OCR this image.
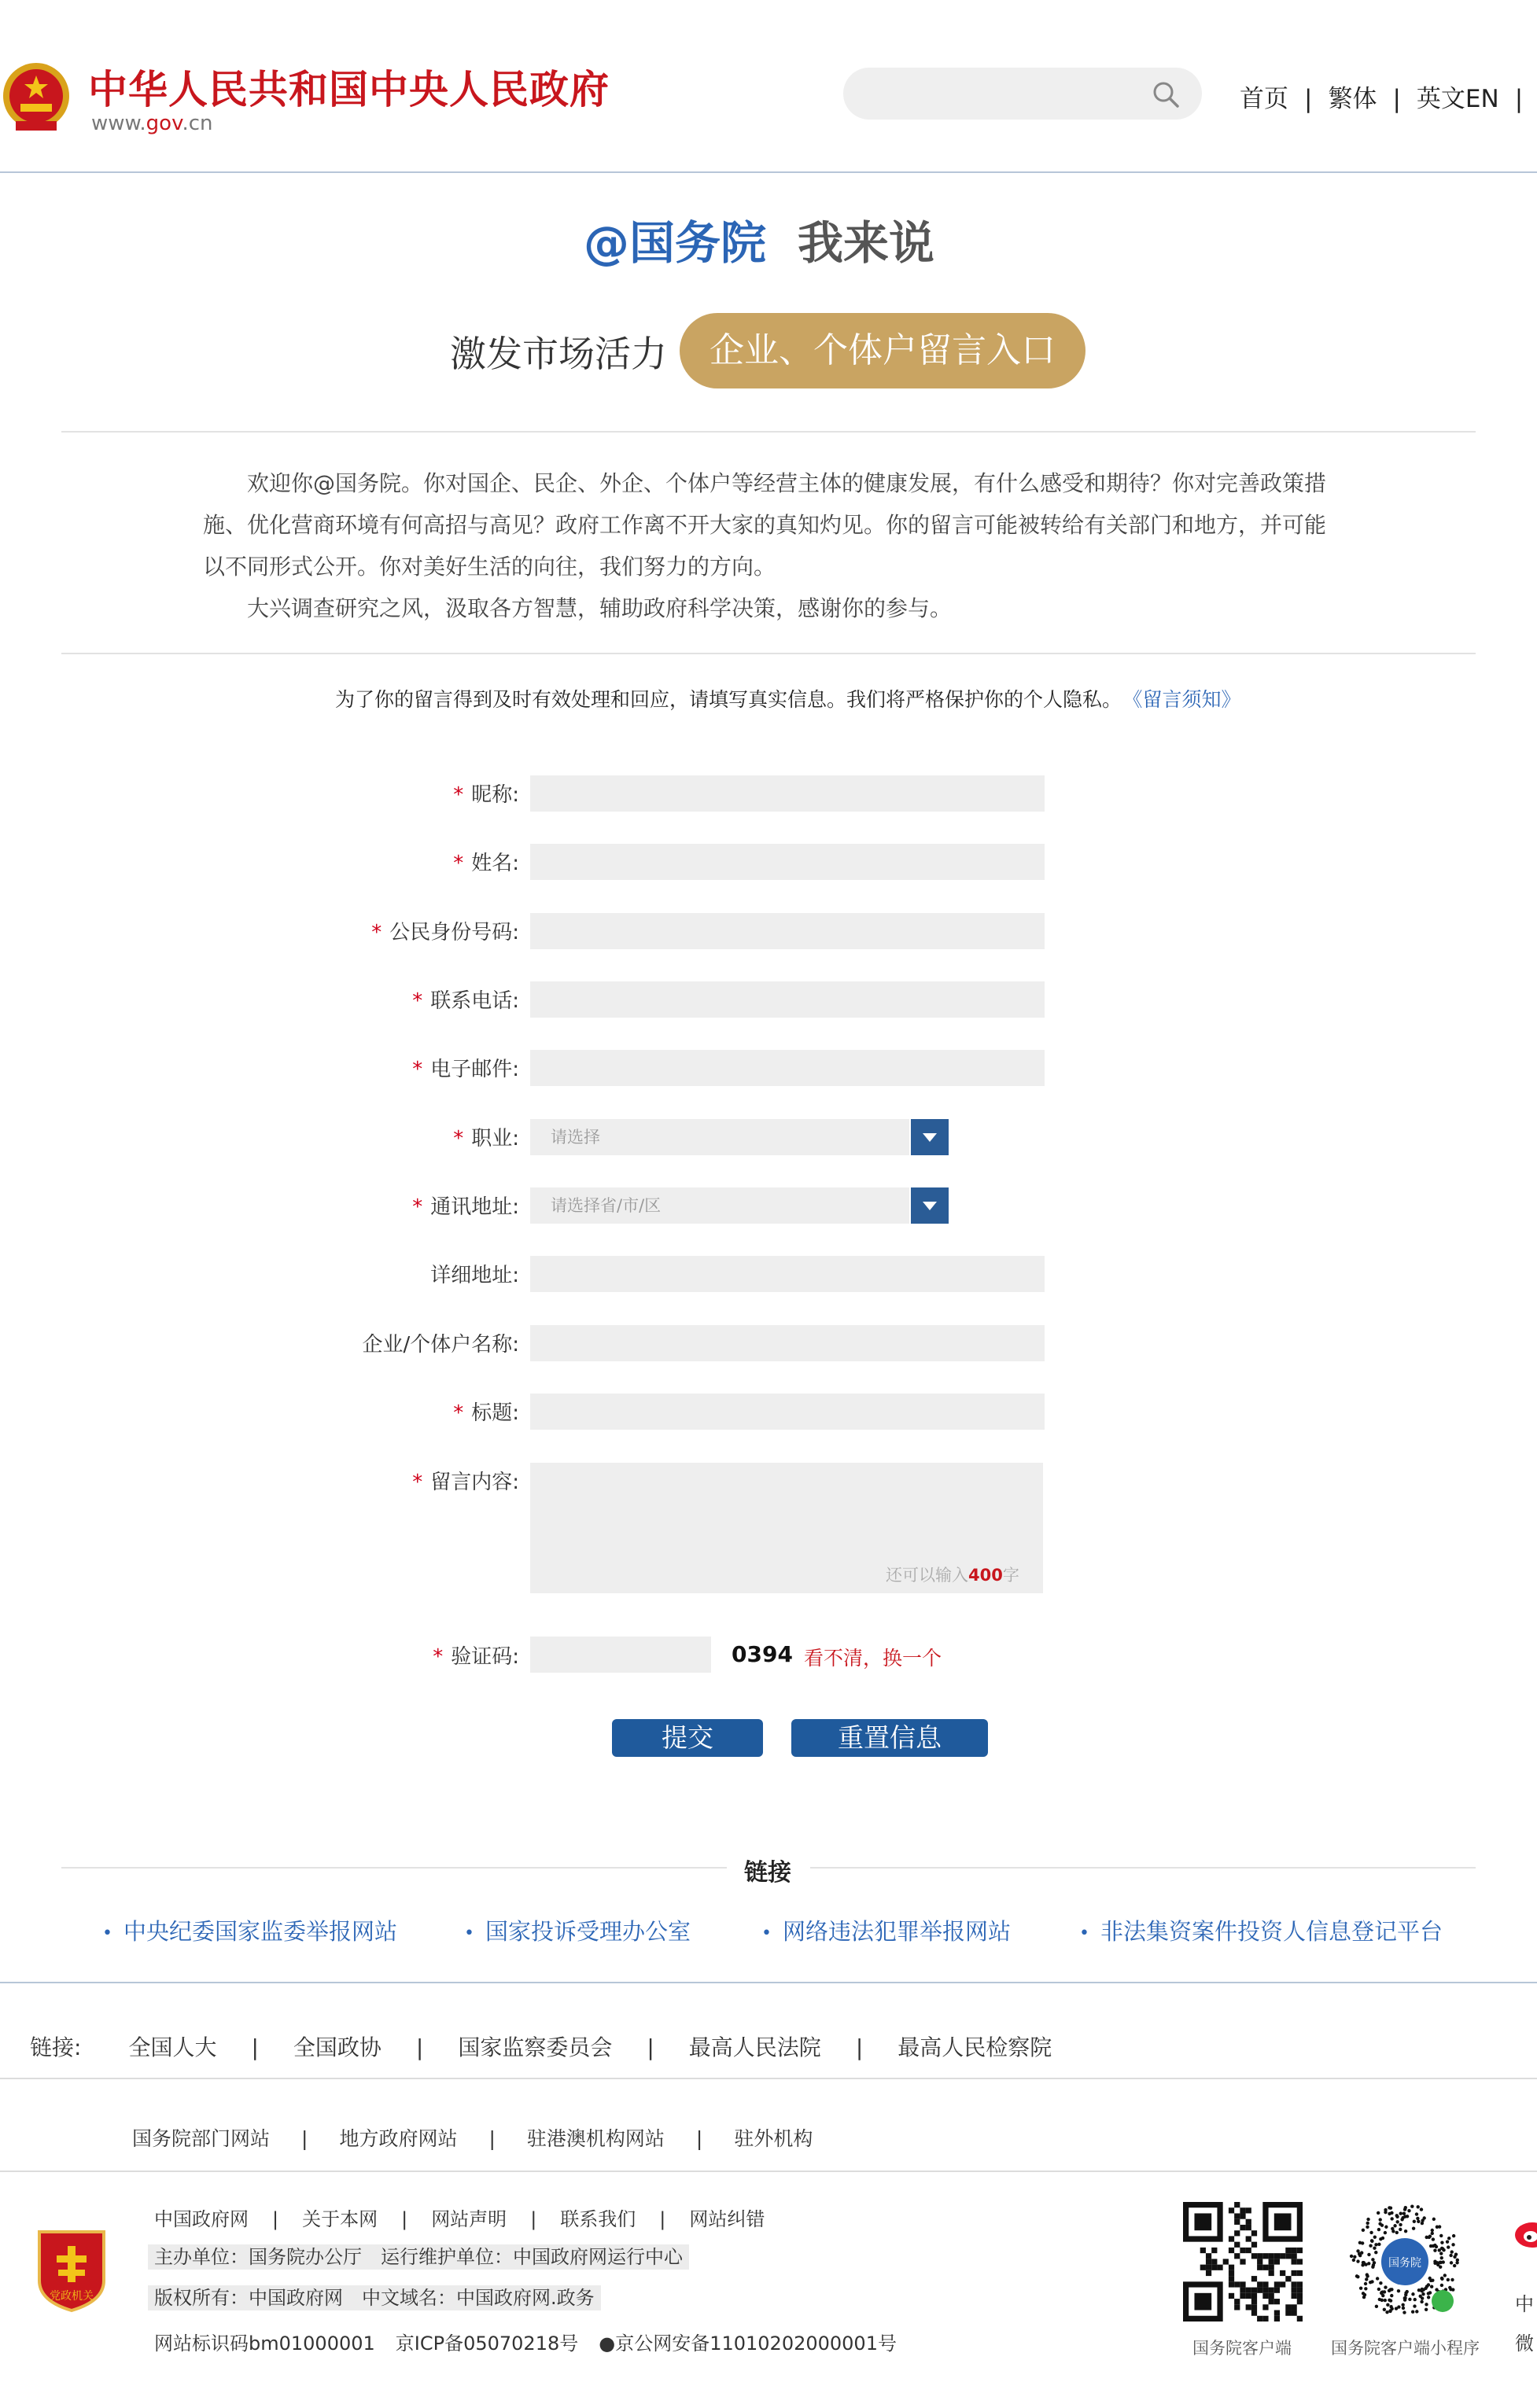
中华人民共和国中央人民政府
www.gov.cn
首页 | 繁体 | 英文EN |
@国务院 我来说
激发市场活力	企业、个体户留言入口

欢迎你@国务院。你对国企、民企、外企、个体户等经营主体的健康发展，有什么感受和期待？你对完善政策措施、优化营商环境有何高招与高见？政府工作离不开大家的真知灼见。你的留言可能被转给有关部门和地方，并可能以不同形式公开。你对美好生活的向往，我们努力的方向。

大兴调查研究之风，汲取各方智慧，辅助政府科学决策，感谢你的参与。

为了你的留言得到及时有效处理和回应，请填写真实信息。我们将严格保护你的个人隐私。 《留言须知》
* 昵称:
* 姓名:
* 公民身份号码:
* 联系电话:
* 电子邮件:
* 职业:	请选择
* 通讯地址:	请选择省/市/区
详细地址:
企业/个体户名称:
* 标题:
* 留言内容:
还可以输入400字
* 验证码:	0394 看不清，换一个
提交	重置信息
链接
• 中央纪委国家监委举报网站	• 国家投诉受理办公室	• 网络违法犯罪举报网站	• 非法集资案件投资人信息登记平台
链接: 全国人大 | 全国政协 | 国家监察委员会 | 最高人民法院 | 最高人民检察院
国务院部门网站 | 地方政府网站 | 驻港澳机构网站 | 驻外机构
党政机关
中国政府网 | 关于本网 | 网站声明 | 联系我们 | 网站纠错
主办单位：国务院办公厅　运行维护单位：中国政府网运行中心
版权所有：中国政府网　中文域名：中国政府网.政务
网站标识码bm01000001 京ICP备05070218号 ●京公网安备11010202000001号	国务院客户端
国务院
国务院客户端小程序
中
微
